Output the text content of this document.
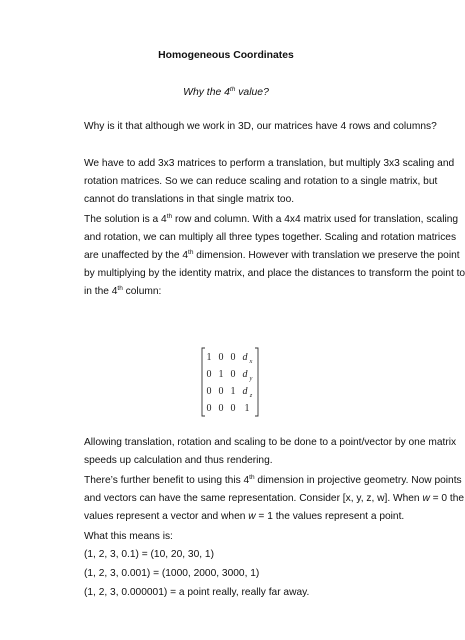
Homogeneous Coordinates
Why the 4th value?
Why is it that although we work in 3D, our matrices have 4 rows and columns?
We have to add 3x3 matrices to perform a translation, but multiply 3x3 scaling and
rotation matrices. So we can reduce scaling and rotation to a single matrix, but
cannot do translations in that single matrix too.
The solution is a 4th row and column. With a 4x4 matrix used for translation, scaling
and rotation, we can multiply all three types together. Scaling and rotation matrices
are unaffected by the 4th dimension. However with translation we preserve the point
by multiplying by the identity matrix, and place the distances to transform the point to
in the 4th column:
1 0 0 d x
0 1 0 d y
0 0 1 d z
0 0 0 1
Allowing translation, rotation and scaling to be done to a point/vector by one matrix
speeds up calculation and thus rendering.
There’s further benefit to using this 4th dimension in projective geometry. Now points
and vectors can have the same representation. Consider [x, y, z, w]. When w = 0 the
values represent a vector and when w = 1 the values represent a point.
What this means is:
(1, 2, 3, 0.1) = (10, 20, 30, 1)
(1, 2, 3, 0.001) = (1000, 2000, 3000, 1)
(1, 2, 3, 0.000001) = a point really, really far away.
